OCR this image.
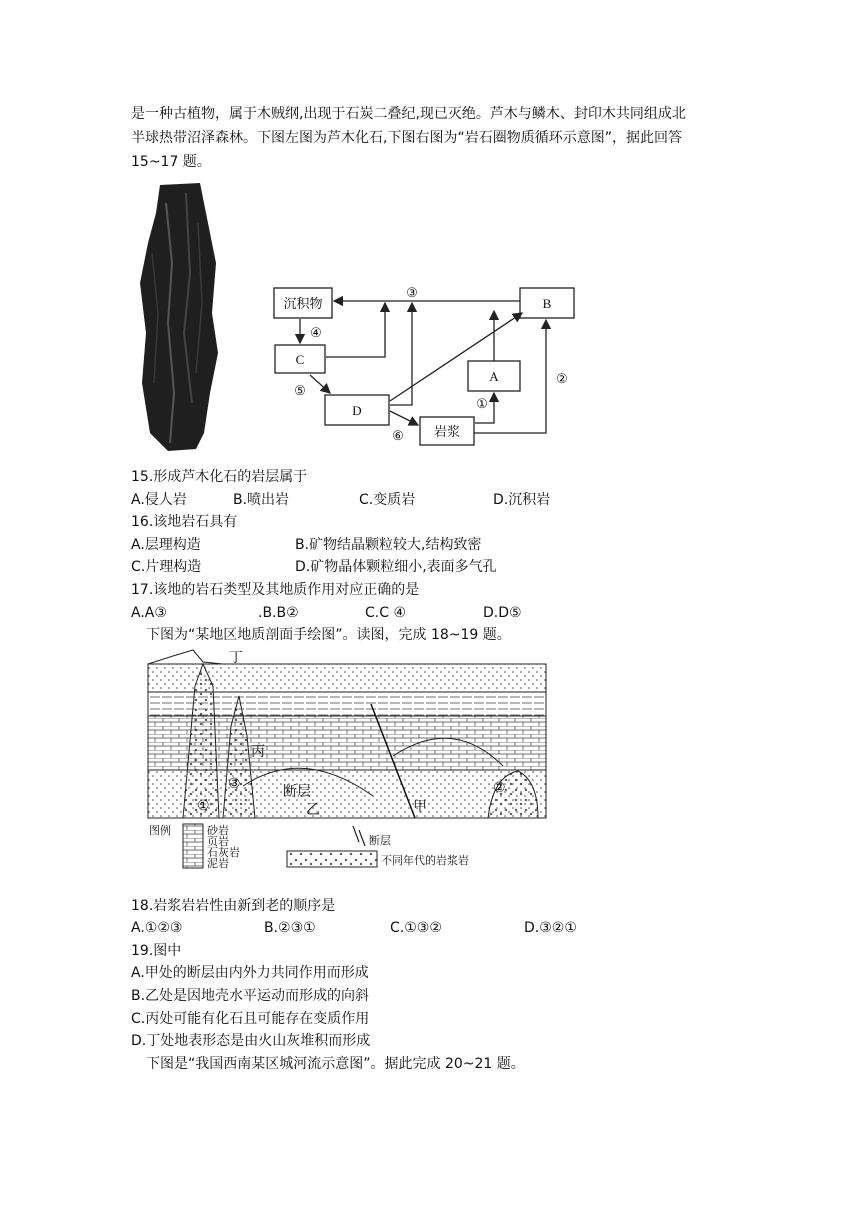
是一种古植物，属于木贼纲,出现于石炭二叠纪,现已灭绝。芦木与鳞木、封印木共同组成北
半球热带沼泽森林。下图左图为芦木化石,下图右图为“岩石圈物质循环示意图”，据此回答
15~17 题。
沉积物
C
D
A
B
岩浆
③
④
⑤
⑥
①
②
15.形成芦木化石的岩层属于
A.侵人岩	B.喷出岩	C.变质岩	D.沉积岩
16.该地岩石具有
A.层理构造	B.矿物结晶颗粒较大,结构致密
C.片理构造	D.矿物晶体颗粒细小,表面多气孔
17.该地的岩石类型及其地质作用对应正确的是
A.A③	.B.B②	C.C ④	D.D⑤
下图为“某地区地质剖面手绘图”。读图，完成 18~19 题。
丁
丙
断层
乙	甲
①
③	②
图例	砂岩
页岩
石灰岩
泥岩
断层
不同年代的岩浆岩
18.岩浆岩岩性由新到老的顺序是
A.①②③	B.②③①	C.①③②	D.③②①
19.图中
A.甲处的断层由内外力共同作用而形成
B.乙处是因地壳水平运动而形成的向斜
C.丙处可能有化石且可能存在变质作用
D.丁处地表形态是由火山灰堆积而形成
下图是“我国西南某区城河流示意图”。据此完成 20~21 题。
